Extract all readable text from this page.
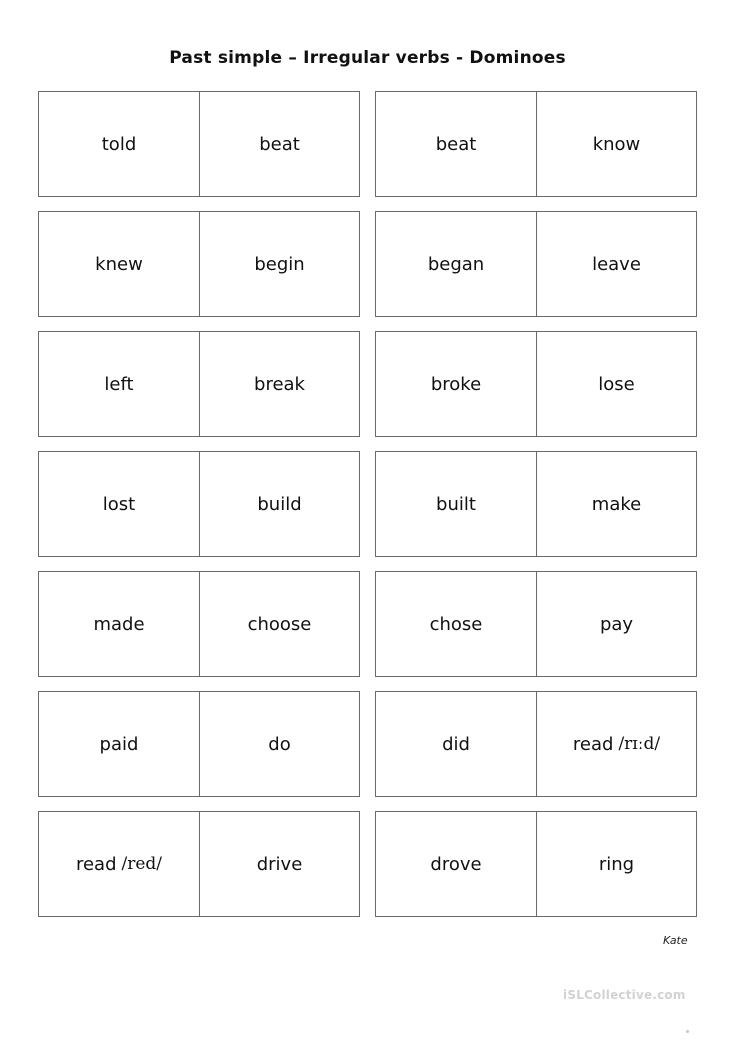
Past simple – Irregular verbs - Dominoes
told	beat	beat	know
knew	begin	began	leave
left	break	broke	lose
lost	build	built	make
made	choose	chose	pay
paid	do	did	read /rɪːd/
read /red/	drive	drove	ring
Kate
iSLCollective.com
